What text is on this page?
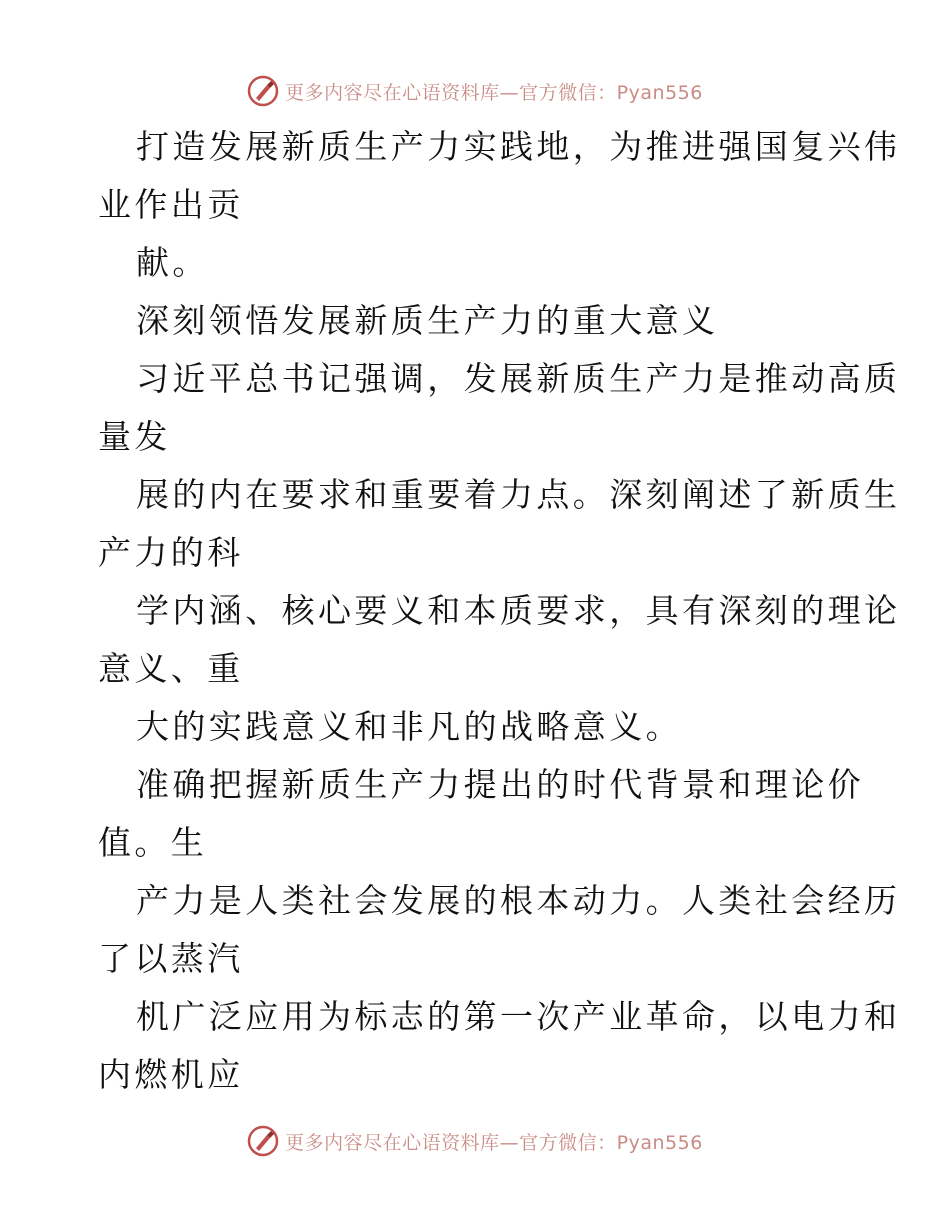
更多内容尽在心语资料库—官方微信：Pyan556
打造发展新质生产力实践地，为推进强国复兴伟
业作出贡
献。
深刻领悟发展新质生产力的重大意义
习近平总书记强调，发展新质生产力是推动高质
量发
展的内在要求和重要着力点。深刻阐述了新质生
产力的科
学内涵、核心要义和本质要求，具有深刻的理论
意义、重
大的实践意义和非凡的战略意义。
准确把握新质生产力提出的时代背景和理论价
值。生
产力是人类社会发展的根本动力。人类社会经历
了以蒸汽
机广泛应用为标志的第一次产业革命，以电力和
内燃机应
更多内容尽在心语资料库—官方微信：Pyan556
